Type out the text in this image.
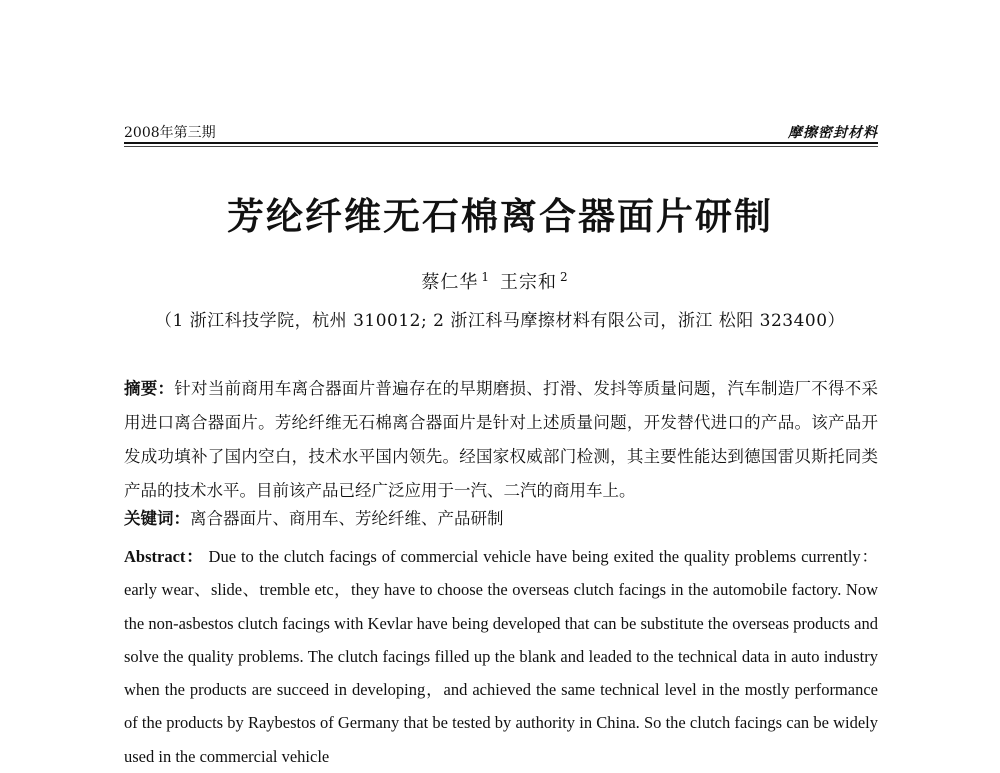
2008年第三期	摩擦密封材料
芳纶纤维无石棉离合器面片研制
蔡仁华 $^1$ 王宗和 $^2$
（1 浙江科技学院，杭州 310012; 2 浙江科马摩擦材料有限公司，浙江 松阳 323400）
摘要：针对当前商用车离合器面片普遍存在的早期磨损、打滑、发抖等质量问题，汽车制造厂不得不采用进口离合器面片。芳纶纤维无石棉离合器面片是针对上述质量问题，开发替代进口的产品。该产品开发成功填补了国内空白，技术水平国内领先。经国家权威部门检测，其主要性能达到德国雷贝斯托同类产品的技术水平。目前该产品已经广泛应用于一汽、二汽的商用车上。
关键词：离合器面片、商用车、芳纶纤维、产品研制
Abstract： Due to the clutch facings of commercial vehicle have being exited the quality problems currently：early wear、slide、tremble etc，they have to choose the overseas clutch facings in the automobile factory. Now the non-asbestos clutch facings with Kevlar have being developed that can be substitute the overseas products and solve the quality problems. The clutch facings filled up the blank and leaded to the technical data in auto industry when the products are succeed in developing，and achieved the same technical level in the mostly performance of the products by Raybestos of Germany that be tested by authority in China. So the clutch facings can be widely used in the commercial vehicle
